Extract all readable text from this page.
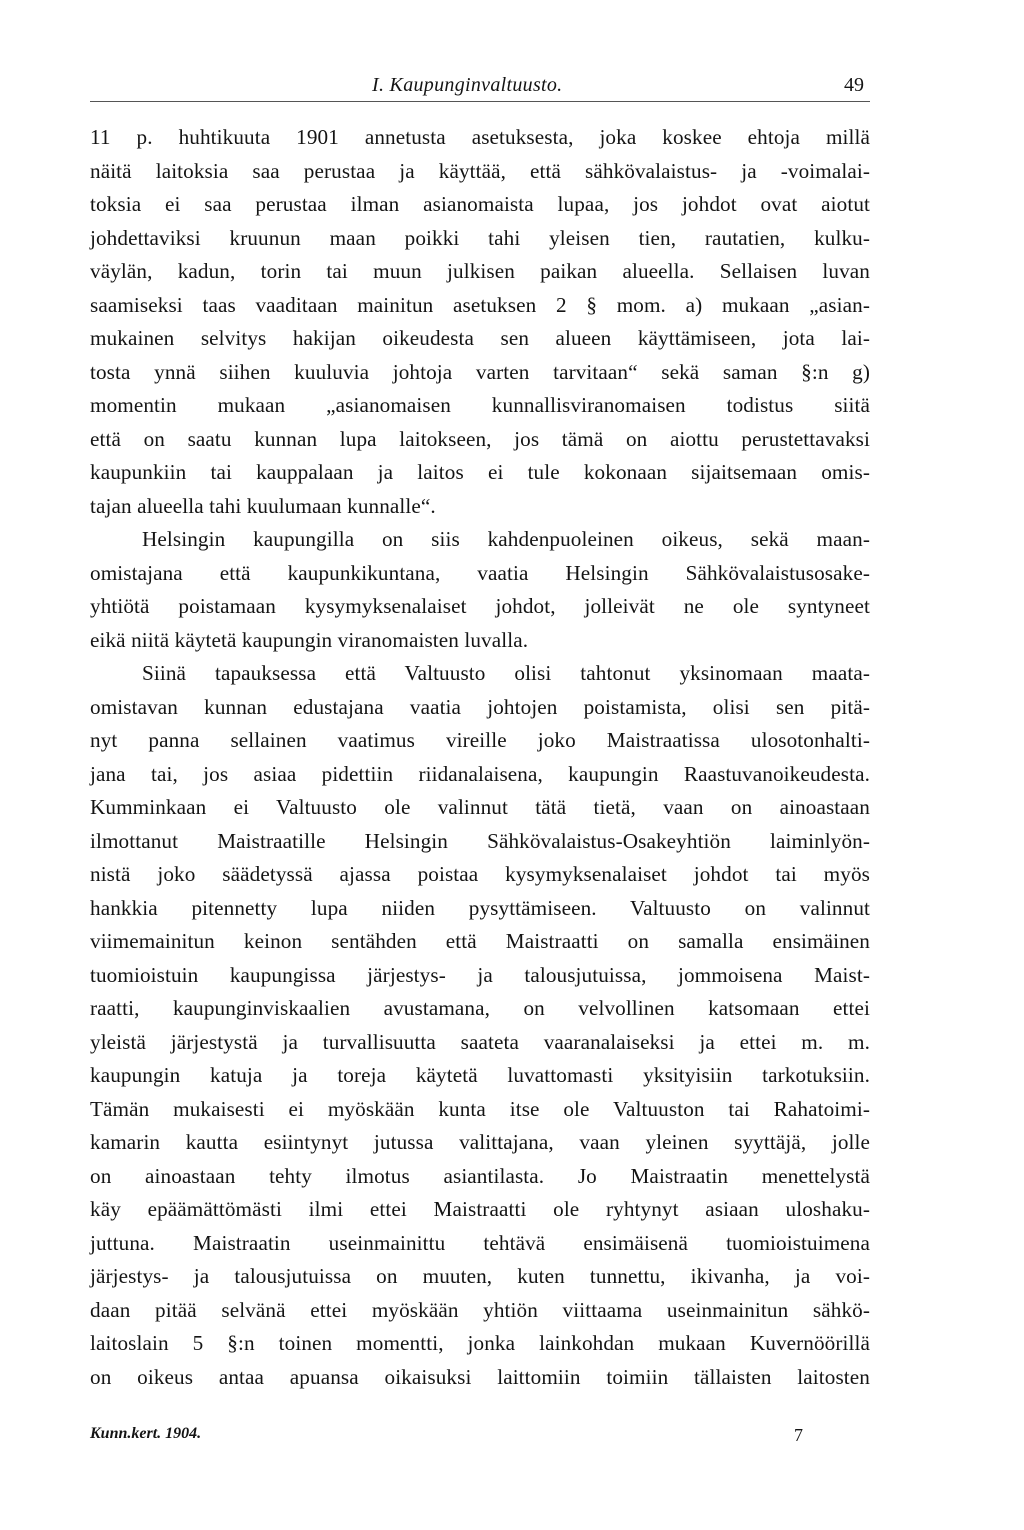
I. Kaupunginvaltuusto.	49
11 p. huhtikuuta 1901 annetusta asetuksesta, joka koskee ehtoja millä
näitä laitoksia saa perustaa ja käyttää, että sähkövalaistus- ja -voimalai-
toksia ei saa perustaa ilman asianomaista lupaa, jos johdot ovat aiotut
johdettaviksi kruunun maan poikki tahi yleisen tien, rautatien, kulku-
väylän, kadun, torin tai muun julkisen paikan alueella. Sellaisen luvan
saamiseksi taas vaaditaan mainitun asetuksen 2 § mom. a) mukaan „asian-
mukainen selvitys hakijan oikeudesta sen alueen käyttämiseen, jota lai-
tosta ynnä siihen kuuluvia johtoja varten tarvitaan“ sekä saman §:n g)
momentin mukaan „asianomaisen kunnallisviranomaisen todistus siitä
että on saatu kunnan lupa laitokseen, jos tämä on aiottu perustettavaksi
kaupunkiin tai kauppalaan ja laitos ei tule kokonaan sijaitsemaan omis-
tajan alueella tahi kuulumaan kunnalle“.
Helsingin kaupungilla on siis kahdenpuoleinen oikeus, sekä maan-
omistajana että kaupunkikuntana, vaatia Helsingin Sähkövalaistusosake-
yhtiötä poistamaan kysymyksenalaiset johdot, jolleivät ne ole syntyneet
eikä niitä käytetä kaupungin viranomaisten luvalla.
Siinä tapauksessa että Valtuusto olisi tahtonut yksinomaan maata-
omistavan kunnan edustajana vaatia johtojen poistamista, olisi sen pitä-
nyt panna sellainen vaatimus vireille joko Maistraatissa ulosotonhalti-
jana tai, jos asiaa pidettiin riidanalaisena, kaupungin Raastuvanoikeudesta.
Kumminkaan ei Valtuusto ole valinnut tätä tietä, vaan on ainoastaan
ilmottanut Maistraatille Helsingin Sähkövalaistus-Osakeyhtiön laiminlyön-
nistä joko säädetyssä ajassa poistaa kysymyksenalaiset johdot tai myös
hankkia pitennetty lupa niiden pysyttämiseen. Valtuusto on valinnut
viimemainitun keinon sentähden että Maistraatti on samalla ensimäinen
tuomioistuin kaupungissa järjestys- ja talousjutuissa, jommoisena Maist-
raatti, kaupunginviskaalien avustamana, on velvollinen katsomaan ettei
yleistä järjestystä ja turvallisuutta saateta vaaranalaiseksi ja ettei m. m.
kaupungin katuja ja toreja käytetä luvattomasti yksityisiin tarkotuksiin.
Tämän mukaisesti ei myöskään kunta itse ole Valtuuston tai Rahatoimi-
kamarin kautta esiintynyt jutussa valittajana, vaan yleinen syyttäjä, jolle
on ainoastaan tehty ilmotus asiantilasta. Jo Maistraatin menettelystä
käy epäämättömästi ilmi ettei Maistraatti ole ryhtynyt asiaan uloshaku-
juttuna. Maistraatin useinmainittu tehtävä ensimäisenä tuomioistuimena
järjestys- ja talousjutuissa on muuten, kuten tunnettu, ikivanha, ja voi-
daan pitää selvänä ettei myöskään yhtiön viittaama useinmainitun sähkö-
laitoslain 5 §:n toinen momentti, jonka lainkohdan mukaan Kuvernöörillä
on oikeus antaa apuansa oikaisuksi laittomiin toimiin tällaisten laitosten
Kunn.kert. 1904.	7
